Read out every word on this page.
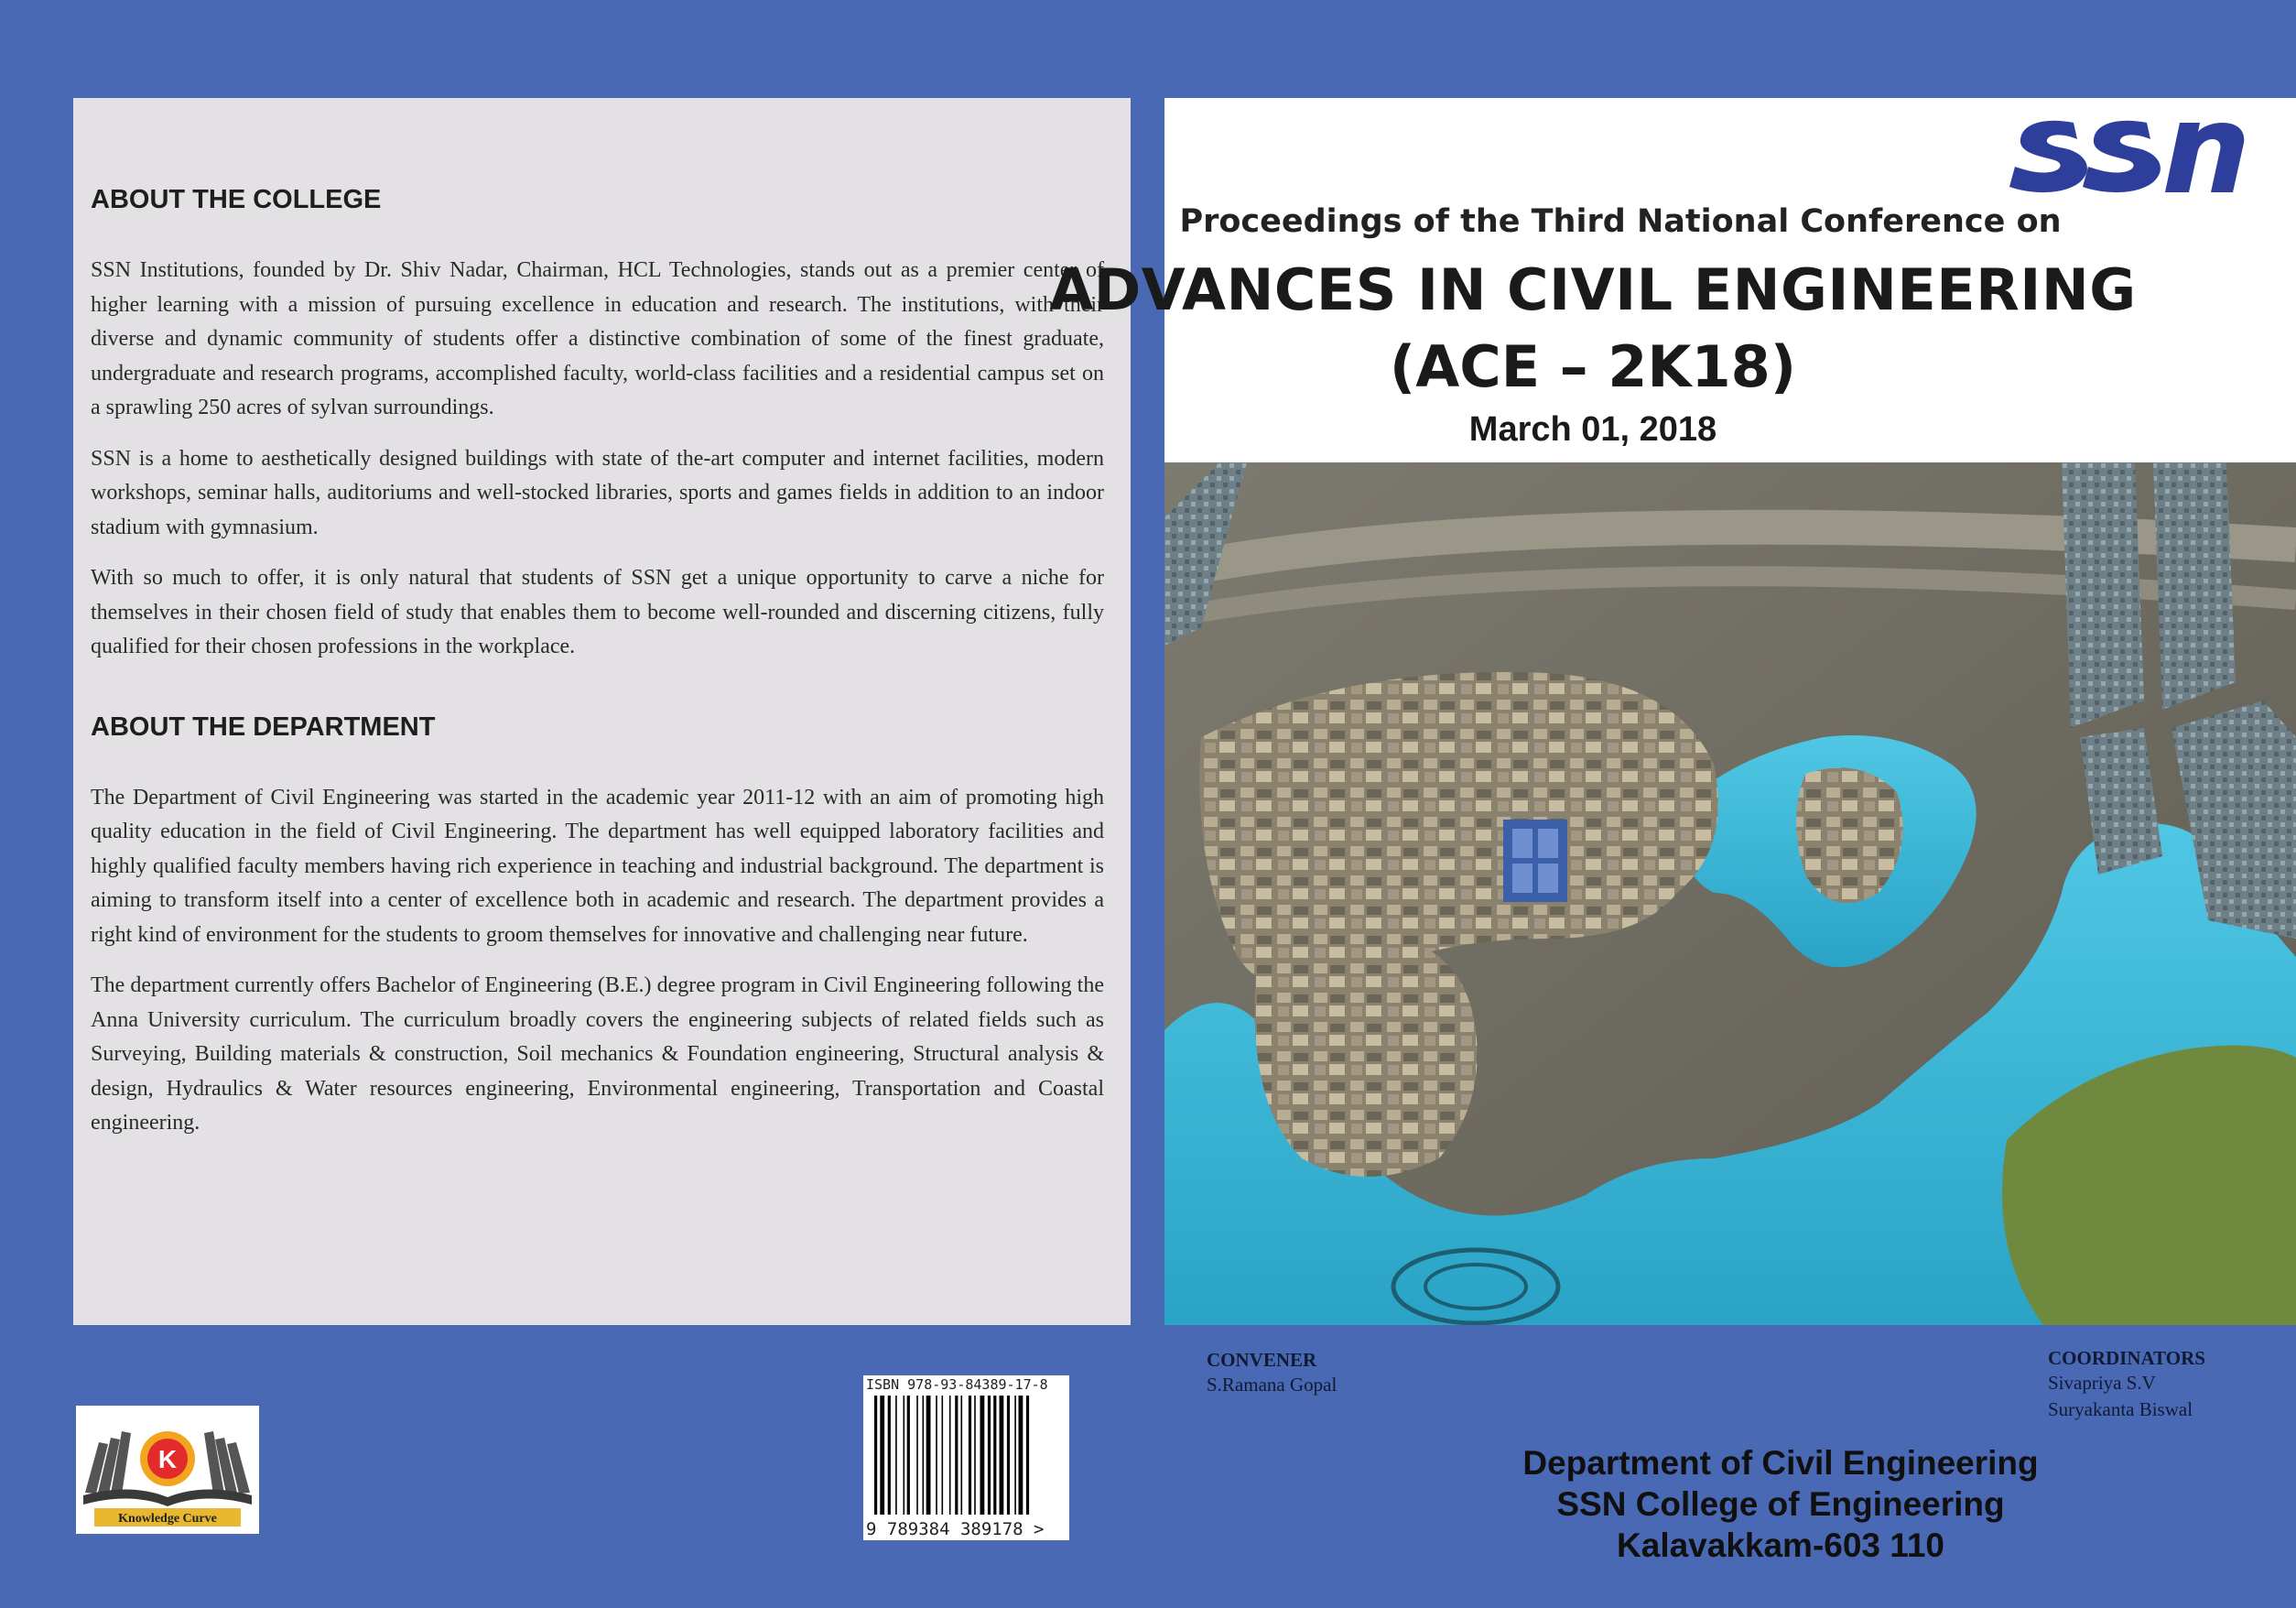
ABOUT THE COLLEGE

SSN Institutions, founded by Dr. Shiv Nadar, Chairman, HCL Technologies, stands out as a premier center of higher learning with a mission of pursuing excellence in education and research. The institutions, with their diverse and dynamic community of students offer a distinctive combination of some of the finest graduate, undergraduate and research programs, accomplished faculty, world-class facilities and a residential campus set on a sprawling 250 acres of sylvan surroundings.

SSN is a home to aesthetically designed buildings with state of the-art computer and internet facilities, modern workshops, seminar halls, auditoriums and well-stocked libraries, sports and games fields in addition to an indoor stadium with gymnasium.

With so much to offer, it is only natural that students of SSN get a unique opportunity to carve a niche for themselves in their chosen field of study that enables them to become well-rounded and discerning citizens, fully qualified for their chosen professions in the workplace.

ABOUT THE DEPARTMENT

The Department of Civil Engineering was started in the academic year 2011-12 with an aim of promoting high quality education in the field of Civil Engineering. The department has well equipped laboratory facilities and highly qualified faculty members having rich experience in teaching and industrial background. The department is aiming to transform itself into a center of excellence both in academic and research. The department provides a right kind of environment for the students to groom themselves for innovative and challenging near future.

The department currently offers Bachelor of Engineering (B.E.) degree program in Civil Engineering following the Anna University curriculum. The curriculum broadly covers the engineering subjects of related fields such as Surveying, Building materials & construction, Soil mechanics & Foundation engineering, Structural analysis & design, Hydraulics & Water resources engineering, Environmental engineering, Transportation and Coastal engineering.

K
Knowledge Curve
ISBN 978-93-84389-17-8
9 789384 389178 >
Proceedings of the Third National Conference on
ADVANCES IN CIVIL ENGINEERING
(ACE – 2K18)
March 01, 2018
CONVENER
S.Ramana Gopal
COORDINATORS
Sivapriya S.V
Suryakanta Biswal
Department of Civil Engineering
SSN College of Engineering
Kalavakkam-603 110
